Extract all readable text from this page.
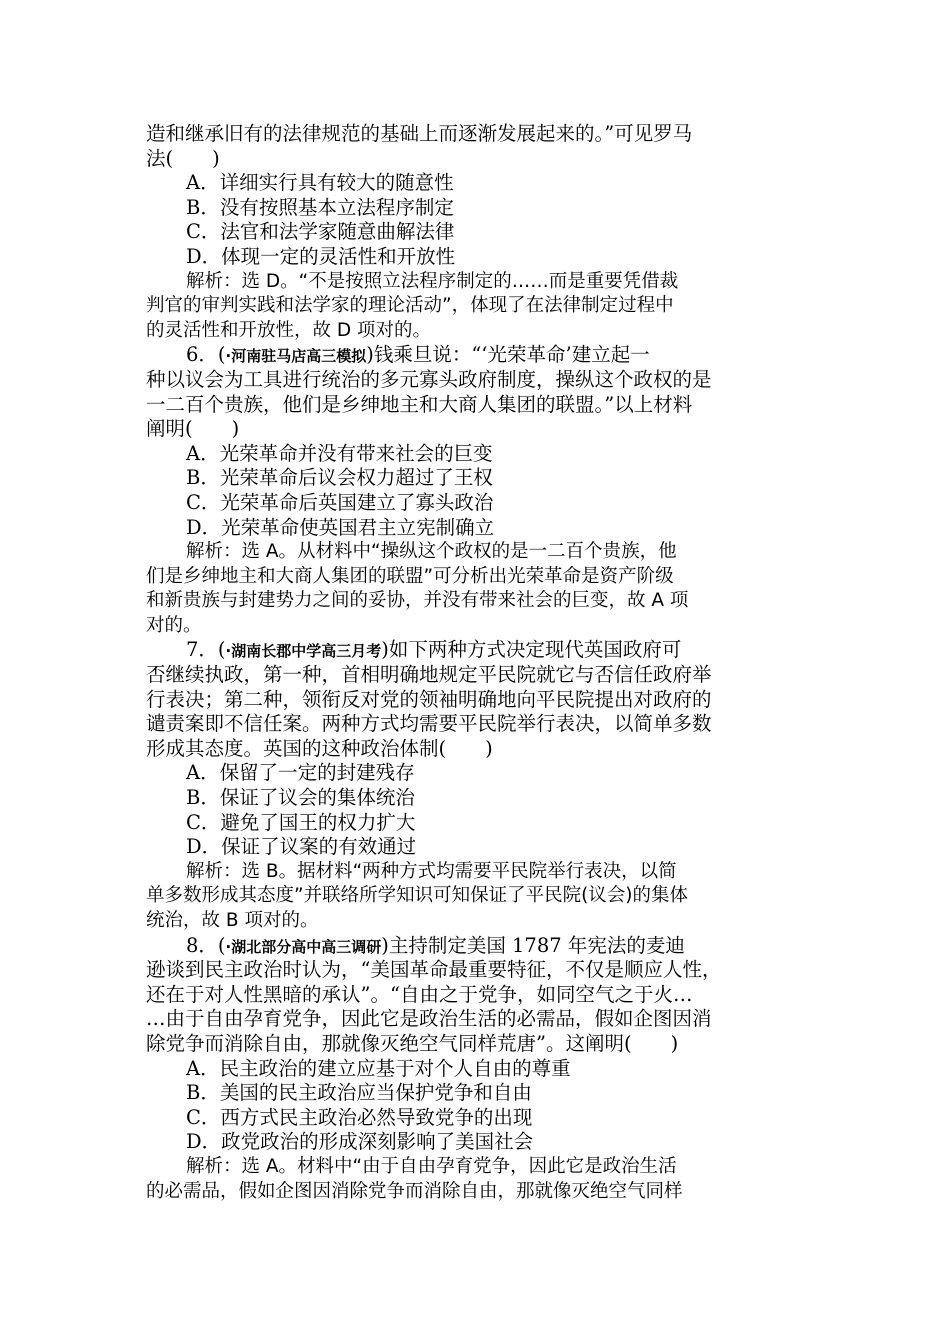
造和继承旧有的法律规范的基础上而逐渐发展起来的。”可见罗马
法(　　)
A．详细实行具有较大的随意性
B．没有按照基本立法程序制定
C．法官和法学家随意曲解法律
D．体现一定的灵活性和开放性
解析：选 D。“不是按照立法程序制定的……而是重要凭借裁
判官的审判实践和法学家的理论活动”，体现了在法律制定过程中
的灵活性和开放性，故 D 项对的。
6．(·河南驻马店高三模拟)钱乘旦说：“‘光荣革命’建立起一
种以议会为工具进行统治的多元寡头政府制度，操纵这个政权的是
一二百个贵族，他们是乡绅地主和大商人集团的联盟。”以上材料
阐明(　　)
A．光荣革命并没有带来社会的巨变
B．光荣革命后议会权力超过了王权
C．光荣革命后英国建立了寡头政治
D．光荣革命使英国君主立宪制确立
解析：选 A。从材料中“操纵这个政权的是一二百个贵族，他
们是乡绅地主和大商人集团的联盟”可分析出光荣革命是资产阶级
和新贵族与封建势力之间的妥协，并没有带来社会的巨变，故 A 项
对的。
7．(·湖南长郡中学高三月考)如下两种方式决定现代英国政府可
否继续执政，第一种，首相明确地规定平民院就它与否信任政府举
行表决；第二种，领衔反对党的领袖明确地向平民院提出对政府的
谴责案即不信任案。两种方式均需要平民院举行表决，以简单多数
形成其态度。英国的这种政治体制(　　)
A．保留了一定的封建残存
B．保证了议会的集体统治
C．避免了国王的权力扩大
D．保证了议案的有效通过
解析：选 B。据材料“两种方式均需要平民院举行表决，以简
单多数形成其态度”并联络所学知识可知保证了平民院(议会)的集体
统治，故 B 项对的。
8．(·湖北部分高中高三调研)主持制定美国 1787 年宪法的麦迪
逊谈到民主政治时认为，“美国革命最重要特征，不仅是顺应人性，
还在于对人性黑暗的承认”。“自由之于党争，如同空气之于火…
…由于自由孕育党争，因此它是政治生活的必需品，假如企图因消
除党争而消除自由，那就像灭绝空气同样荒唐”。这阐明(　　)
A．民主政治的建立应基于对个人自由的尊重
B．美国的民主政治应当保护党争和自由
C．西方式民主政治必然导致党争的出现
D．政党政治的形成深刻影响了美国社会
解析：选 A。材料中“由于自由孕育党争，因此它是政治生活
的必需品，假如企图因消除党争而消除自由，那就像灭绝空气同样
